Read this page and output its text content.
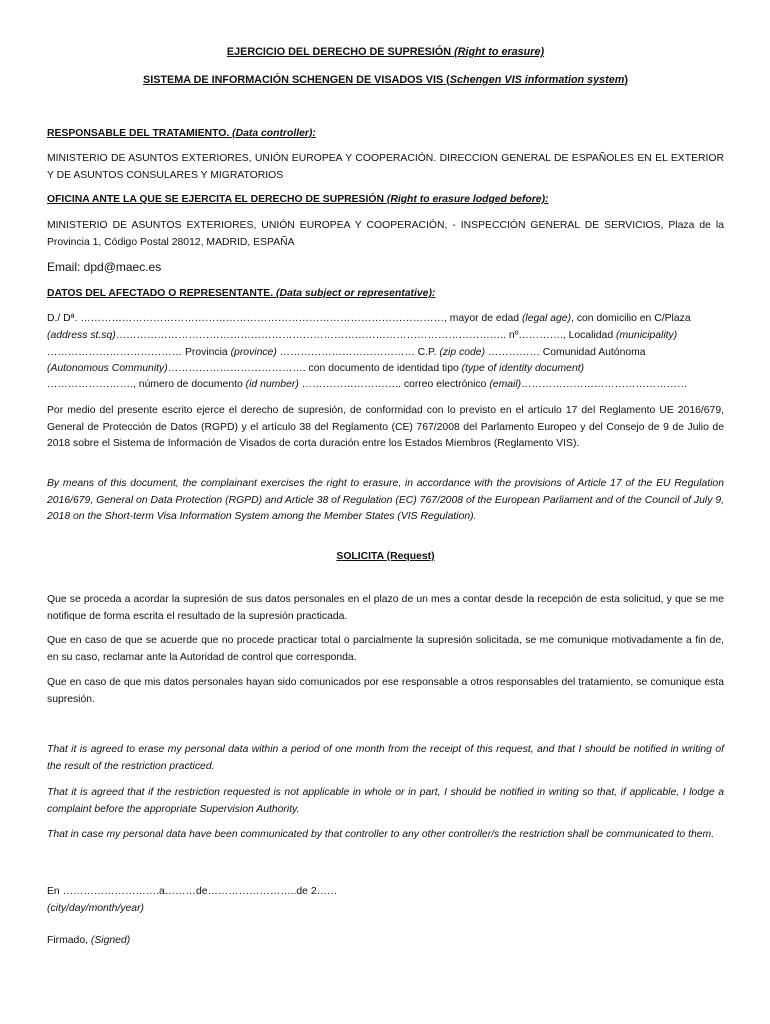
EJERCICIO DEL DERECHO DE SUPRESIÓN (Right to erasure)
SISTEMA DE INFORMACIÓN SCHENGEN DE VISADOS VIS (Schengen VIS information system)
RESPONSABLE DEL TRATAMIENTO. (Data controller):
MINISTERIO DE ASUNTOS EXTERIORES, UNIÓN EUROPEA Y COOPERACIÓN. DIRECCION GENERAL DE ESPAÑOLES EN EL EXTERIOR Y DE ASUNTOS CONSULARES Y MIGRATORIOS
OFICINA ANTE LA QUE SE EJERCITA EL DERECHO DE SUPRESIÓN (Right to erasure lodged before):
MINISTERIO DE ASUNTOS EXTERIORES, UNIÓN EUROPEA Y COOPERACIÓN, - INSPECCIÓN GENERAL DE SERVICIOS, Plaza de la Provincia 1, Código Postal 28012, MADRID, ESPAÑA
Email: dpd@maec.es
DATOS DEL AFECTADO O REPRESENTANTE. (Data subject or representative):
D./ Dª. ……………………………………………………………………………………………, mayor de edad (legal age), con domicilio en C/Plaza
(address st.sq)………………………………………………………………………………………………….. nº…………., Localidad (municipality)
………………………………… Provincia (province) ………………………………… C.P. (zip code) …………… Comunidad Autónoma
(Autonomous Community)…………………………………. con documento de identidad tipo (type of identity document)
……………………., número de documento (id number) ……………………….. correo electrónico (email)…………………………………………
Por medio del presente escrito ejerce el derecho de supresión, de conformidad con lo previsto en el artículo 17 del Reglamento UE 2016/679, General de Protección de Datos (RGPD) y el artículo 38 del Reglamento (CE) 767/2008 del Parlamento Europeo y del Consejo de 9 de Julio de 2018 sobre el Sistema de Información de Visados de corta duración entre los Estados Miembros (Reglamento VIS).
By means of this document, the complainant exercises the right to erasure, in accordance with the provisions of Article 17 of the EU Regulation 2016/679, General on Data Protection (RGPD) and Article 38 of Regulation (EC) 767/2008 of the European Parliament and of the Council of July 9, 2018 on the Short-term Visa Information System among the Member States (VIS Regulation).
SOLICITA (Request)
Que se proceda a acordar la supresión de sus datos personales en el plazo de un mes a contar desde la recepción de esta solicitud, y que se me notifique de forma escrita el resultado de la supresión practicada.
Que en caso de que se acuerde que no procede practicar total o parcialmente la supresión solicitada, se me comunique motivadamente a fin de, en su caso, reclamar ante la Autoridad de control que corresponda.
Que en caso de que mis datos personales hayan sido comunicados por ese responsable a otros responsables del tratamiento, se comunique esta supresión.
That it is agreed to erase my personal data within a period of one month from the receipt of this request, and that I should be notified in writing of the result of the restriction practiced.
That it is agreed that if the restriction requested is not applicable in whole or in part, I should be notified in writing so that, if applicable, I lodge a complaint before the appropriate Supervision Authority.
That in case my personal data have been communicated by that controller to any other controller/s the restriction shall be communicated to them.
En ……………………….a………de……………………..de 2……
(city/day/month/year)
Firmado, (Signed)
